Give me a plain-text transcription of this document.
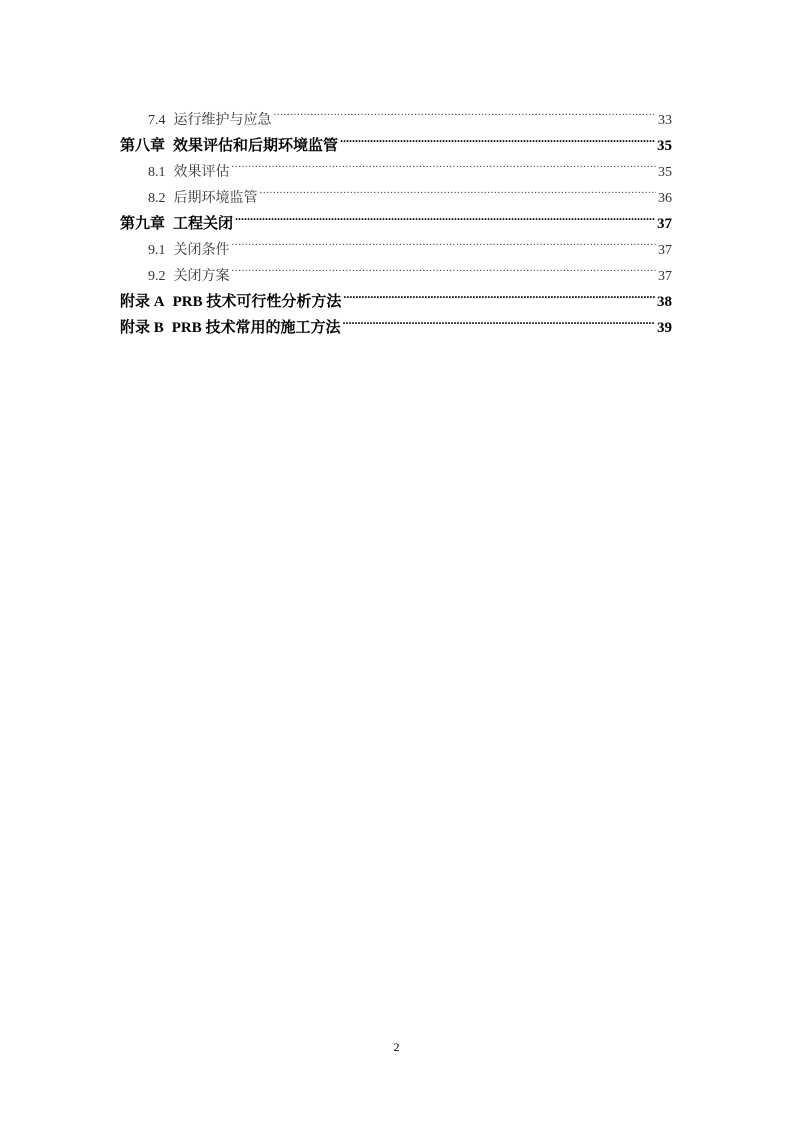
7.4 运行维护与应急 .....	33
第八章 效果评估和后期环境监管 .....	35
8.1 效果评估 .....	35
8.2 后期环境监管 .....	36
第九章 工程关闭 .....	37
9.1 关闭条件 .....	37
9.2 关闭方案 .....	37
附录 A PRB 技术可行性分析方法 .....	38
附录 B PRB 技术常用的施工方法 .....	39
2
